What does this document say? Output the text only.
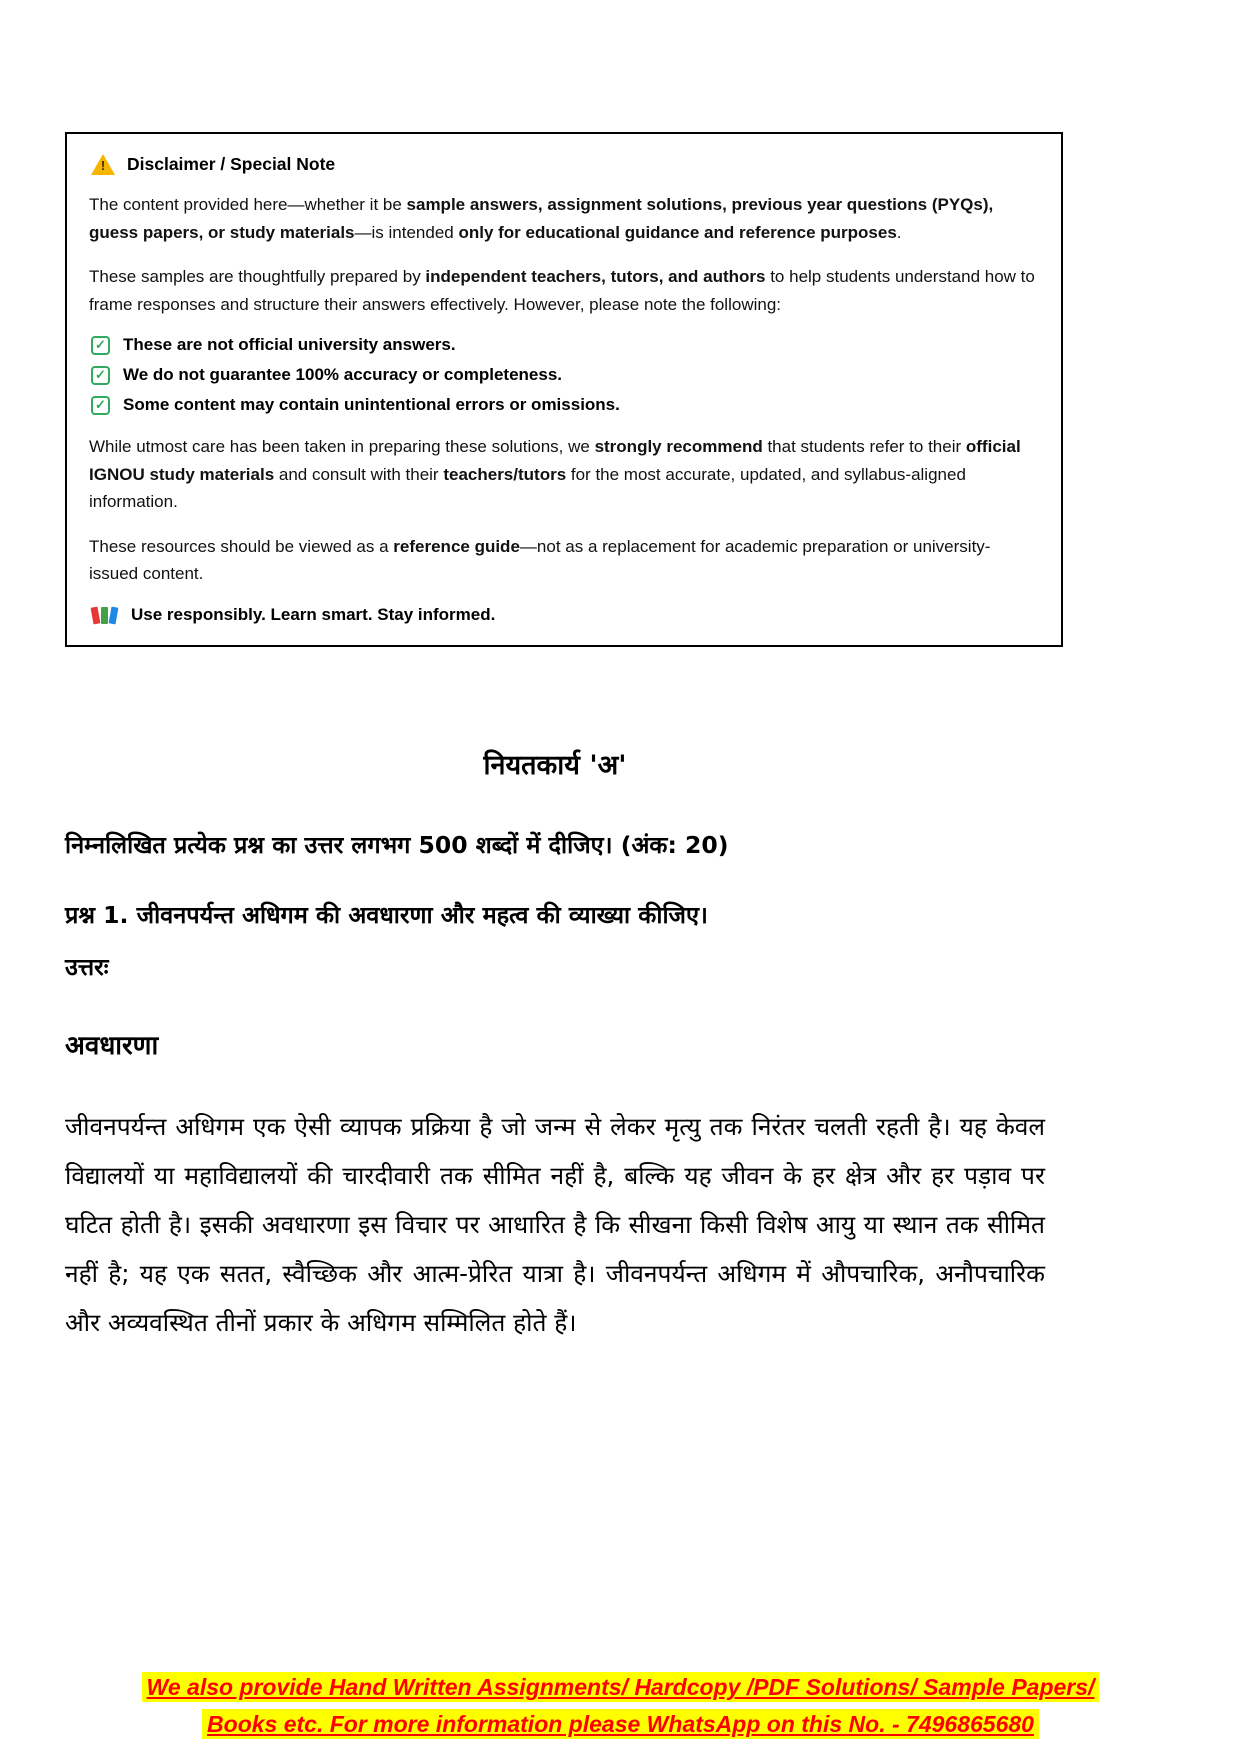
!
Disclaimer / Special Note

The content provided here—whether it be sample answers, assignment solutions, previous year questions (PYQs), guess papers, or study materials—is intended only for educational guidance and reference purposes.

These samples are thoughtfully prepared by independent teachers, tutors, and authors to help students understand how to frame responses and structure their answers effectively. However, please note the following:

✓
These are not official university answers.
✓
We do not guarantee 100% accuracy or completeness.
✓
Some content may contain unintentional errors or omissions.

While utmost care has been taken in preparing these solutions, we strongly recommend that students refer to their official IGNOU study materials and consult with their teachers/tutors for the most accurate, updated, and syllabus-aligned information.

These resources should be viewed as a reference guide—not as a replacement for academic preparation or university-issued content.

Use responsibly. Learn smart. Stay informed.
नियतकार्य 'अ'

निम्नलिखित प्रत्येक प्रश्न का उत्तर लगभग 500 शब्दों में दीजिए। (अंक: 20)

प्रश्न 1. जीवनपर्यन्त अधिगम की अवधारणा और महत्व की व्याख्या कीजिए।

उत्तरः

अवधारणा

जीवनपर्यन्त अधिगम एक ऐसी व्यापक प्रक्रिया है जो जन्म से लेकर मृत्यु तक निरंतर चलती रहती है। यह केवल विद्यालयों या महाविद्यालयों की चारदीवारी तक सीमित नहीं है, बल्कि यह जीवन के हर क्षेत्र और हर पड़ाव पर घटित होती है। इसकी अवधारणा इस विचार पर आधारित है कि सीखना किसी विशेष आयु या स्थान तक सीमित नहीं है; यह एक सतत, स्वैच्छिक और आत्म-प्रेरित यात्रा है। जीवनपर्यन्त अधिगम में औपचारिक, अनौपचारिक और अव्यवस्थित तीनों प्रकार के अधिगम सम्मिलित होते हैं।

We also provide Hand Written Assignments/ Hardcopy /PDF Solutions/ Sample Papers/
Books etc. For more information please WhatsApp on this No. - 7496865680
